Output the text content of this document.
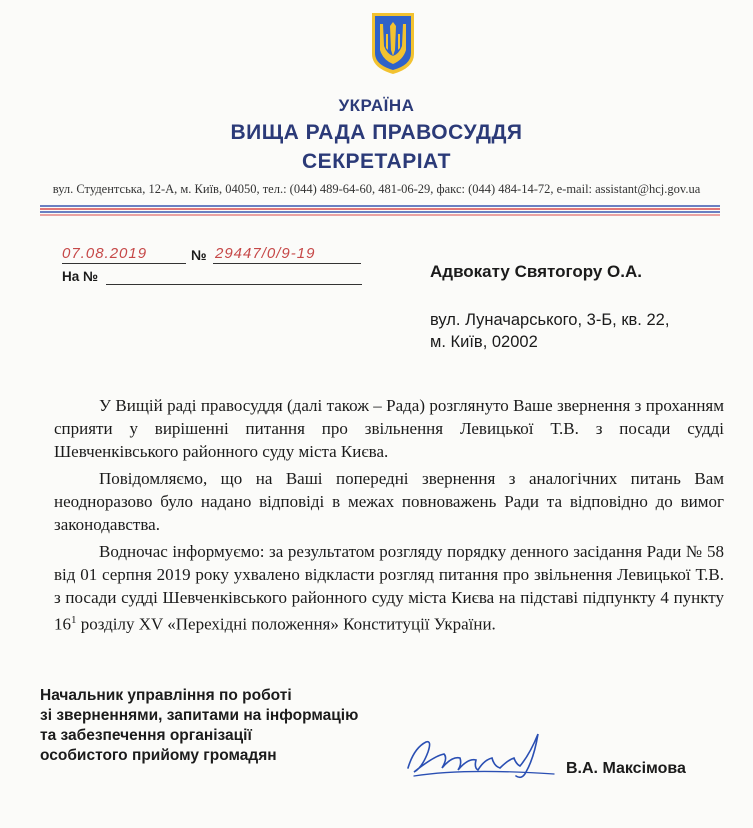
УКРАЇНА
ВИЩА РАДА ПРАВОСУДДЯ
СЕКРЕТАРІАТ
вул. Студентська, 12-А, м. Київ, 04050, тел.: (044) 489-64-60, 481-06-29, факс: (044) 484-14-72, e-mail: assistant@hcj.gov.ua
07.08.2019	№ 29447/0/9-19
На №	Адвокату Святогору О.А.
вул. Луначарського, 3-Б, кв. 22,
м. Київ, 02002

У Вищій раді правосуддя (далі також – Рада) розглянуто Ваше звернення з проханням сприяти у вирішенні питання про звільнення Левицької Т.В. з посади судді Шевченківського районного суду міста Києва.

Повідомляємо, що на Ваші попередні звернення з аналогічних питань Вам неодноразово було надано відповіді в межах повноважень Ради та відповідно до вимог законодавства.

Водночас інформуємо: за результатом розгляду порядку денного засідання Ради № 58 від 01 серпня 2019 року ухвалено відкласти розгляд питання про звільнення Левицької Т.В. з посади судді Шевченківського районного суду міста Києва на підставі підпункту 4 пункту $16^1$ розділу XV «Перехідні положення» Конституції України.

Начальник управління по роботі
зі зверненнями, запитами на інформацію
та забезпечення організації
особистого прийому громадян
В.А. Максімова
